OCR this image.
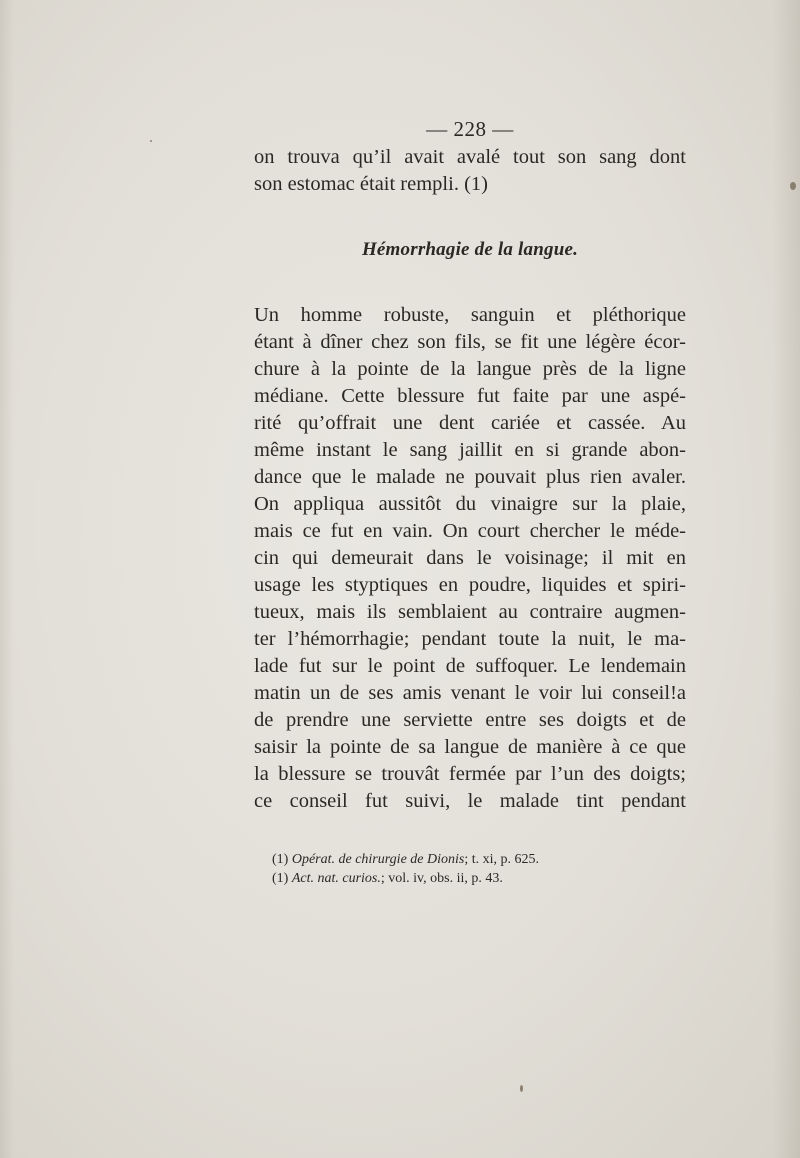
— 228 —
on trouva qu’il avait avalé tout son sang dont
son estomac était rempli. (1)
Hémorrhagie de la langue.
Un homme robuste, sanguin et pléthorique
étant à dîner chez son fils, se fit une légère écor-
chure à la pointe de la langue près de la ligne
médiane. Cette blessure fut faite par une aspé-
rité qu’offrait une dent cariée et cassée. Au
même instant le sang jaillit en si grande abon-
dance que le malade ne pouvait plus rien avaler.
On appliqua aussitôt du vinaigre sur la plaie,
mais ce fut en vain. On court chercher le méde-
cin qui demeurait dans le voisinage; il mit en
usage les styptiques en poudre, liquides et spiri-
tueux, mais ils semblaient au contraire augmen-
ter l’hémorrhagie; pendant toute la nuit, le ma-
lade fut sur le point de suffoquer. Le lendemain
matin un de ses amis venant le voir lui conseil!a
de prendre une serviette entre ses doigts et de
saisir la pointe de sa langue de manière à ce que
la blessure se trouvât fermée par l’un des doigts;
ce conseil fut suivi, le malade tint pendant
(1) Opérat. de chirurgie de Dionis; t. xi, p. 625.
(1) Act. nat. curios.; vol. iv, obs. ii, p. 43.
